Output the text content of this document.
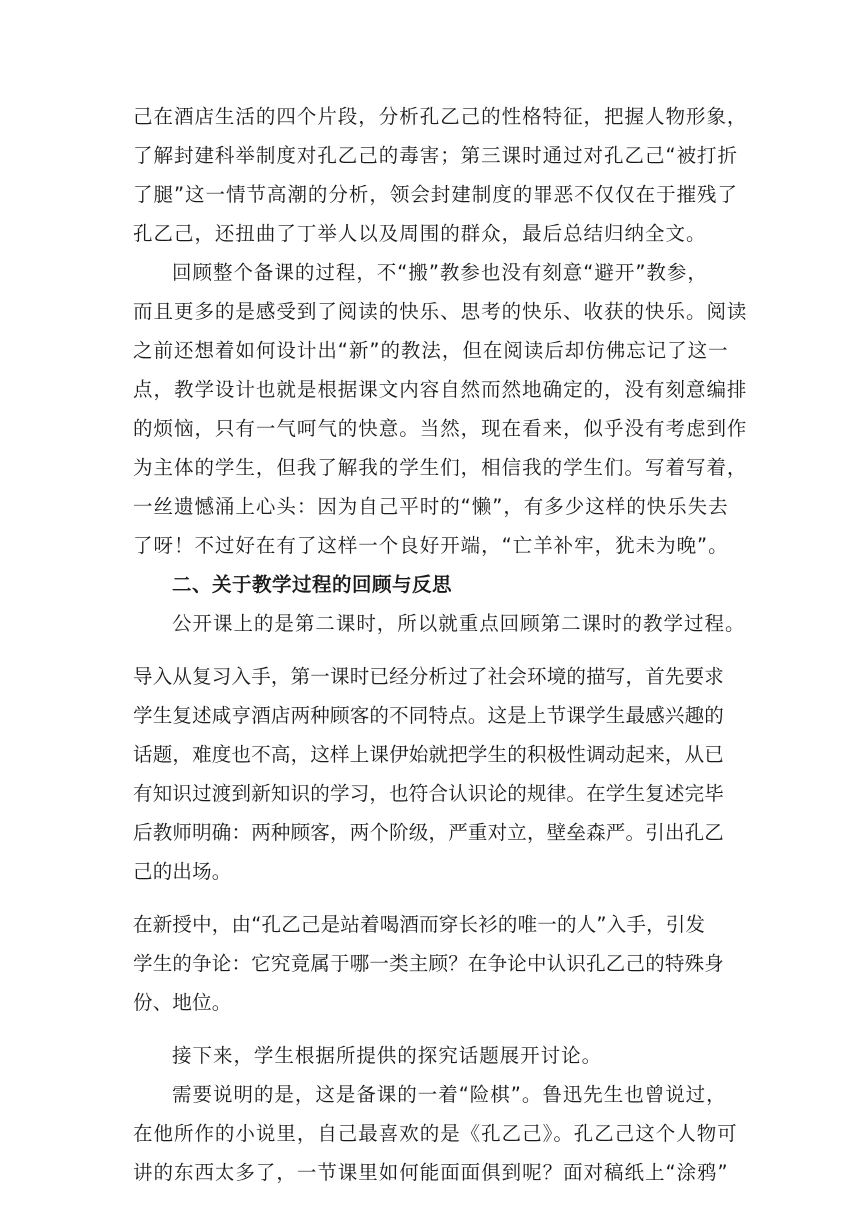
己在酒店生活的四个片段，分析孔乙己的性格特征，把握人物形象，
了解封建科举制度对孔乙己的毒害；第三课时通过对孔乙己“被打折
了腿”这一情节高潮的分析，领会封建制度的罪恶不仅仅在于摧残了
孔乙己，还扭曲了丁举人以及周围的群众，最后总结归纳全文。
回顾整个备课的过程，不“搬”教参也没有刻意“避开”教参，
而且更多的是感受到了阅读的快乐、思考的快乐、收获的快乐。阅读
之前还想着如何设计出“新”的教法，但在阅读后却仿佛忘记了这一
点，教学设计也就是根据课文内容自然而然地确定的，没有刻意编排
的烦恼，只有一气呵气的快意。当然，现在看来，似乎没有考虑到作
为主体的学生，但我了解我的学生们，相信我的学生们。写着写着，
一丝遗憾涌上心头：因为自己平时的“懒”，有多少这样的快乐失去
了呀！不过好在有了这样一个良好开端，“亡羊补牢，犹未为晚”。
二、关于教学过程的回顾与反思
公开课上的是第二课时，所以就重点回顾第二课时的教学过程。
导入从复习入手，第一课时已经分析过了社会环境的描写，首先要求
学生复述咸亨酒店两种顾客的不同特点。这是上节课学生最感兴趣的
话题，难度也不高，这样上课伊始就把学生的积极性调动起来，从已
有知识过渡到新知识的学习，也符合认识论的规律。在学生复述完毕
后教师明确：两种顾客，两个阶级，严重对立，壁垒森严。引出孔乙
己的出场。
在新授中，由“孔乙己是站着喝酒而穿长衫的唯一的人”入手，引发
学生的争论：它究竟属于哪一类主顾？在争论中认识孔乙己的特殊身
份、地位。
接下来，学生根据所提供的探究话题展开讨论。
需要说明的是，这是备课的一着“险棋”。鲁迅先生也曾说过，
在他所作的小说里，自己最喜欢的是《孔乙己》。孔乙己这个人物可
讲的东西太多了，一节课里如何能面面俱到呢？面对稿纸上“涂鸦”
